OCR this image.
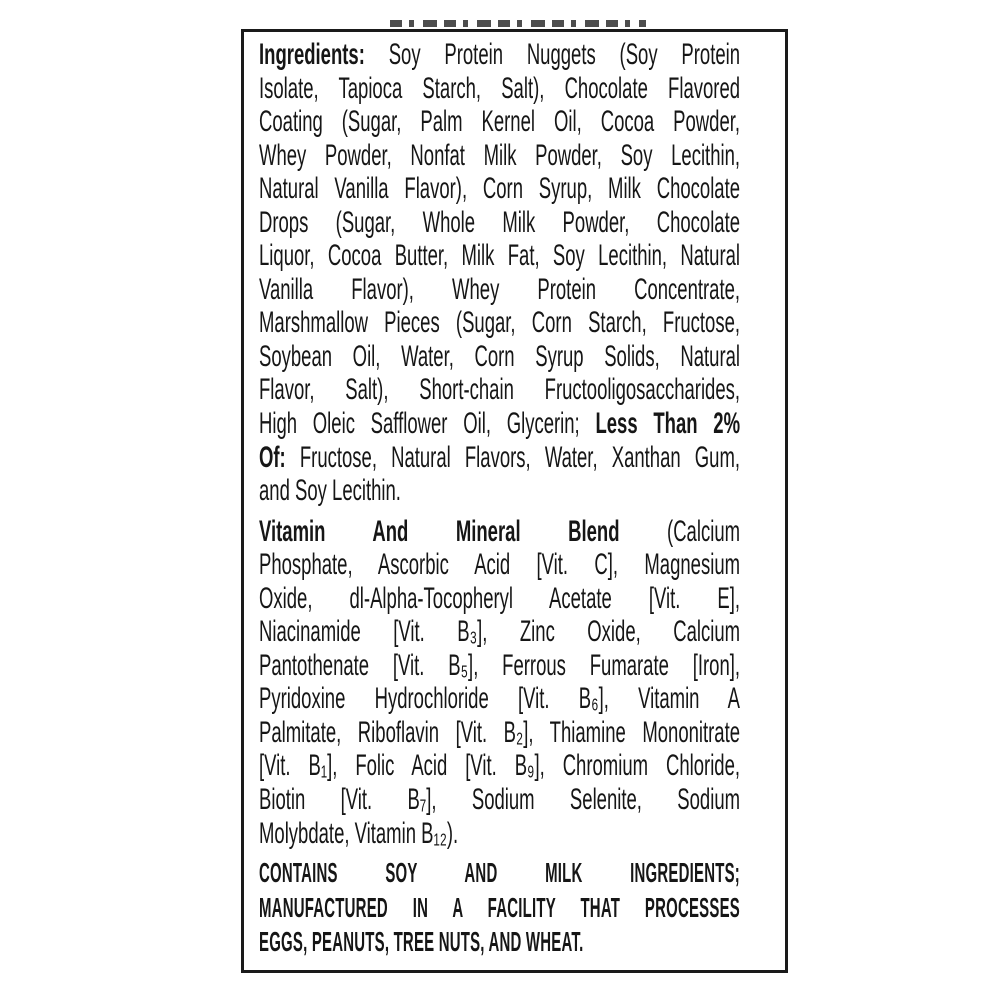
Ingredients: Soy Protein Nuggets (Soy Protein
Isolate, Tapioca Starch, Salt), Chocolate Flavored
Coating (Sugar, Palm Kernel Oil, Cocoa Powder,
Whey Powder, Nonfat Milk Powder, Soy Lecithin,
Natural Vanilla Flavor), Corn Syrup, Milk Chocolate
Drops (Sugar, Whole Milk Powder, Chocolate
Liquor, Cocoa Butter, Milk Fat, Soy Lecithin, Natural
Vanilla Flavor), Whey Protein Concentrate,
Marshmallow Pieces (Sugar, Corn Starch, Fructose,
Soybean Oil, Water, Corn Syrup Solids, Natural
Flavor, Salt), Short-chain Fructooligosaccharides,
High Oleic Safflower Oil, Glycerin; Less Than 2%
Of: Fructose, Natural Flavors, Water, Xanthan Gum,
and Soy Lecithin.
Vitamin And Mineral Blend (Calcium
Phosphate, Ascorbic Acid [Vit. C], Magnesium
Oxide, dl-Alpha-Tocopheryl Acetate [Vit. E],
Niacinamide [Vit. B₃], Zinc Oxide, Calcium
Pantothenate [Vit. B₅], Ferrous Fumarate [Iron],
Pyridoxine Hydrochloride [Vit. B₆], Vitamin A
Palmitate, Riboflavin [Vit. B₂], Thiamine Mononitrate
[Vit. B₁], Folic Acid [Vit. B₉], Chromium Chloride,
Biotin [Vit. B₇], Sodium Selenite, Sodium
Molybdate, Vitamin B₁₂).
CONTAINS SOY AND MILK INGREDIENTS;
MANUFACTURED IN A FACILITY THAT PROCESSES
EGGS, PEANUTS, TREE NUTS, AND WHEAT.
